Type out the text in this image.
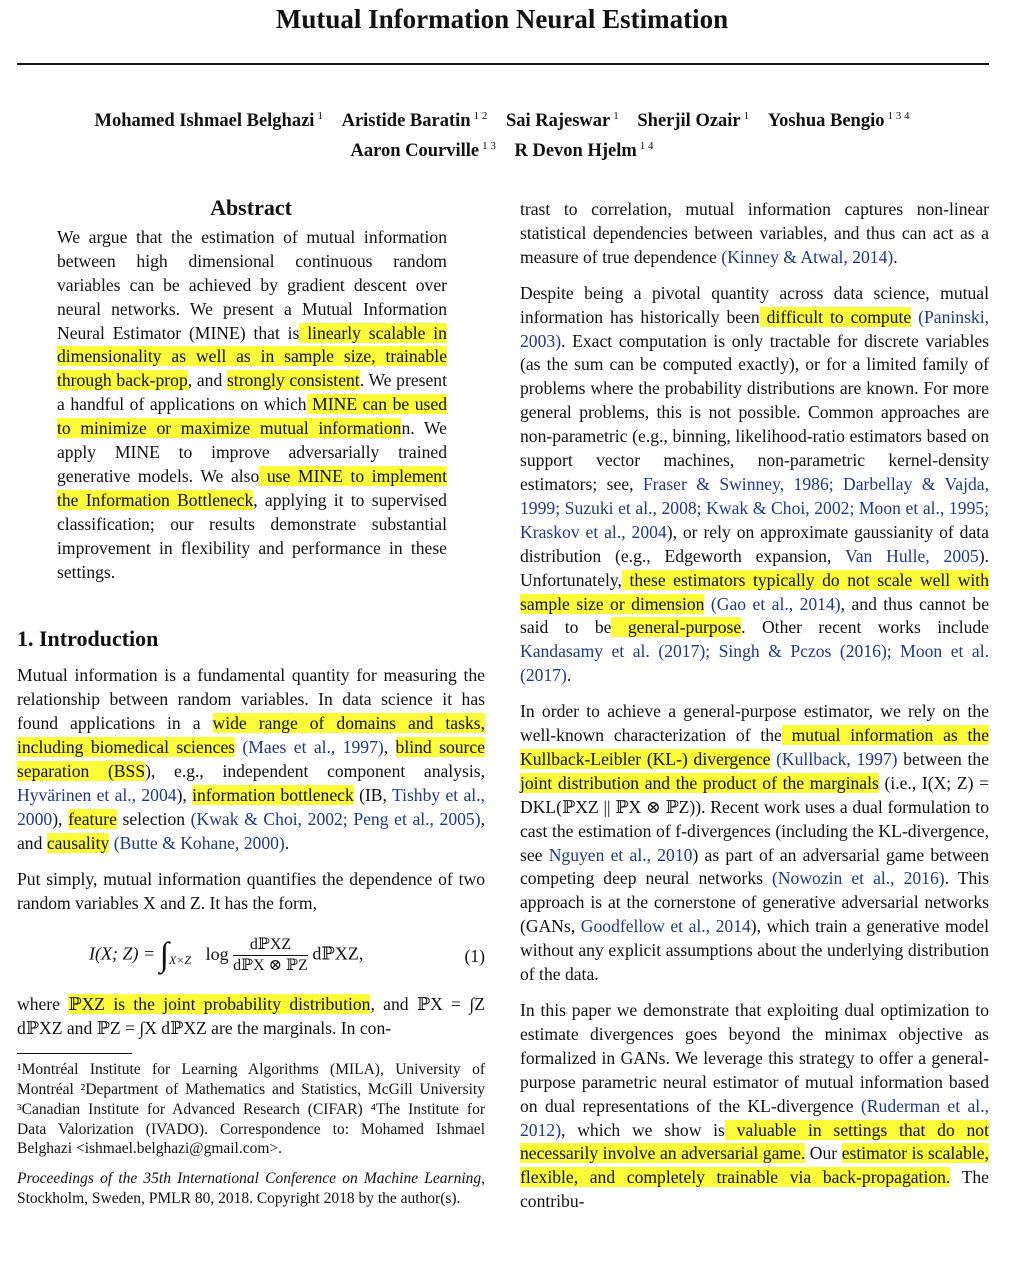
Mutual Information Neural Estimation
Mohamed Ishmael Belghazi $^1$ Aristide Baratin $^{1 2}$ Sai Rajeswar $^1$ Sherjil Ozair $^1$ Yoshua Bengio $^{1 3 4}$
Aaron Courville $^{1 3}$ R Devon Hjelm $^{1 4}$
Abstract
We argue that the estimation of mutual information between high dimensional continuous random variables can be achieved by gradient descent over neural networks. We present a Mutual Information Neural Estimator (MINE) that is linearly scalable in dimensionality as well as in sample size, trainable through back-prop, and strongly consistent. We present a handful of applications on which MINE can be used to minimize or maximize mutual informationn. We apply MINE to improve adversarially trained generative models. We also use MINE to implement the Information Bottleneck, applying it to supervised classification; our results demonstrate substantial improvement in flexibility and performance in these settings.
1. Introduction

Mutual information is a fundamental quantity for measuring the relationship between random variables. In data science it has found applications in a wide range of domains and tasks, including biomedical sciences (Maes et al., 1997), blind source separation (BSS), e.g., independent component analysis, Hyvärinen et al., 2004), information bottleneck (IB, Tishby et al., 2000), feature selection (Kwak & Choi, 2002; Peng et al., 2005), and causality (Butte & Kohane, 2000).

Put simply, mutual information quantifies the dependence of two random variables X and Z. It has the form,

I(X; $Z) = \int_{X\times Z}$ $\log \frac{\text{dℙXZ}}{\text{dℙX ⊗ ℙZ}}$ dℙXZ,	(1)

where ℙXZ is the joint probability distribution, and ℙX = ∫Z dℙXZ and ℙZ = ∫X dℙXZ are the marginals. In con-

¹Montréal Institute for Learning Algorithms (MILA), University of Montréal ²Department of Mathematics and Statistics, McGill University ³Canadian Institute for Advanced Research (CIFAR) ⁴The Institute for Data Valorization (IVADO). Correspondence to: Mohamed Ishmael Belghazi <ishmael.belghazi@gmail.com>.

Proceedings of the 35th International Conference on Machine Learning, Stockholm, Sweden, PMLR 80, 2018. Copyright 2018 by the author(s).

trast to correlation, mutual information captures non-linear statistical dependencies between variables, and thus can act as a measure of true dependence (Kinney & Atwal, 2014).

Despite being a pivotal quantity across data science, mutual information has historically been difficult to compute (Paninski, 2003). Exact computation is only tractable for discrete variables (as the sum can be computed exactly), or for a limited family of problems where the probability distributions are known. For more general problems, this is not possible. Common approaches are non-parametric (e.g., binning, likelihood-ratio estimators based on support vector machines, non-parametric kernel-density estimators; see, Fraser & Swinney, 1986; Darbellay & Vajda, 1999; Suzuki et al., 2008; Kwak & Choi, 2002; Moon et al., 1995; Kraskov et al., 2004), or rely on approximate gaussianity of data distribution (e.g., Edgeworth expansion, Van Hulle, 2005). Unfortunately, these estimators typically do not scale well with sample size or dimension (Gao et al., 2014), and thus cannot be said to be general-purpose. Other recent works include Kandasamy et al. (2017); Singh & Pczos (2016); Moon et al. (2017).

In order to achieve a general-purpose estimator, we rely on the well-known characterization of the mutual information as the Kullback-Leibler (KL-) divergence (Kullback, 1997) between the joint distribution and the product of the marginals (i.e., I(X; Z) = DKL(ℙXZ || ℙX ⊗ ℙZ)). Recent work uses a dual formulation to cast the estimation of f-divergences (including the KL-divergence, see Nguyen et al., 2010) as part of an adversarial game between competing deep neural networks (Nowozin et al., 2016). This approach is at the cornerstone of generative adversarial networks (GANs, Goodfellow et al., 2014), which train a generative model without any explicit assumptions about the underlying distribution of the data.

In this paper we demonstrate that exploiting dual optimization to estimate divergences goes beyond the minimax objective as formalized in GANs. We leverage this strategy to offer a general-purpose parametric neural estimator of mutual information based on dual representations of the KL-divergence (Ruderman et al., 2012), which we show is valuable in settings that do not necessarily involve an adversarial game. Our estimator is scalable, flexible, and completely trainable via back-propagation. The contribu-
